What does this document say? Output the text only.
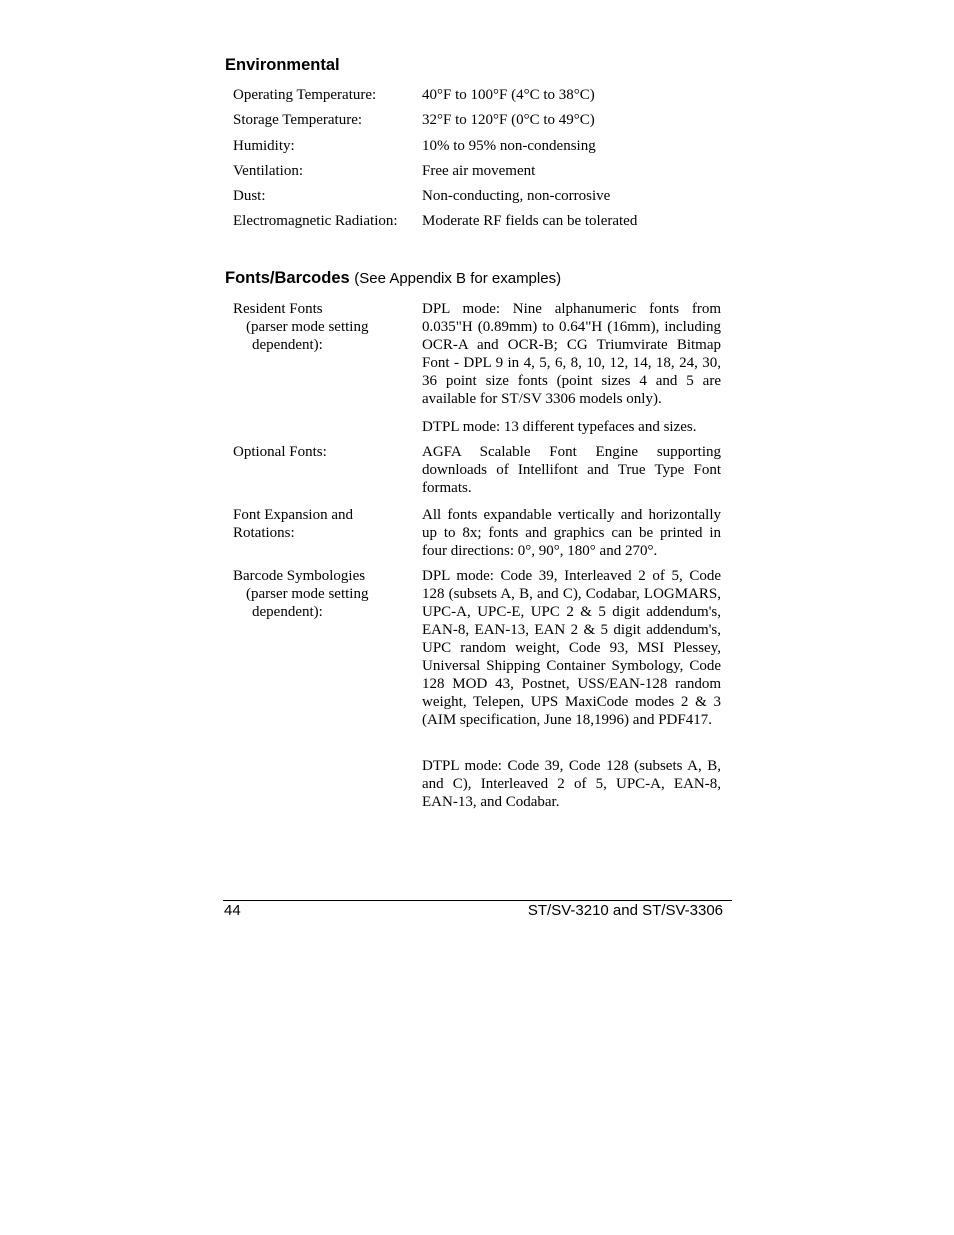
Environmental
Operating Temperature:	40°F to 100°F (4°C to 38°C)
Storage Temperature:	32°F to 120°F (0°C to 49°C)
Humidity:	10% to 95% non-condensing
Ventilation:	Free air movement
Dust:	Non-conducting, non-corrosive
Electromagnetic Radiation: Moderate RF fields can be tolerated
Fonts/Barcodes (See Appendix B for examples)
Resident Fonts
(parser mode setting
dependent):

DPL mode: Nine alphanumeric fonts from 0.035"H (0.89mm) to 0.64"H (16mm), including OCR-A and OCR-B; CG Triumvirate Bitmap Font - DPL 9 in 4, 5, 6, 8, 10, 12, 14, 18, 24, 30, 36 point size fonts (point sizes 4 and 5 are available for ST/SV 3306 models only).

DTPL mode: 13 different typefaces and sizes.

Optional Fonts:	AGFA Scalable Font Engine supporting downloads of Intellifont and True Type Font formats.

Font Expansion and
Rotations:

All fonts expandable vertically and horizontally up to 8x; fonts and graphics can be printed in four directions: 0°, 90°, 180° and 270°.

Barcode Symbologies
(parser mode setting
dependent):

DPL mode: Code 39, Interleaved 2 of 5, Code 128 (subsets A, B, and C), Codabar, LOGMARS, UPC-A, UPC-E, UPC 2 & 5 digit addendum's, EAN-8, EAN-13, EAN 2 & 5 digit addendum's, UPC random weight, Code 93, MSI Plessey, Universal Shipping Container Symbology, Code 128 MOD 43, Postnet, USS/EAN-128 random weight, Telepen, UPS MaxiCode modes 2 & 3 (AIM specification, June 18,1996) and PDF417.

DTPL mode: Code 39, Code 128 (subsets A, B, and C), Interleaved 2 of 5, UPC-A, EAN-8, EAN-13, and Codabar.

44	ST/SV-3210 and ST/SV-3306
